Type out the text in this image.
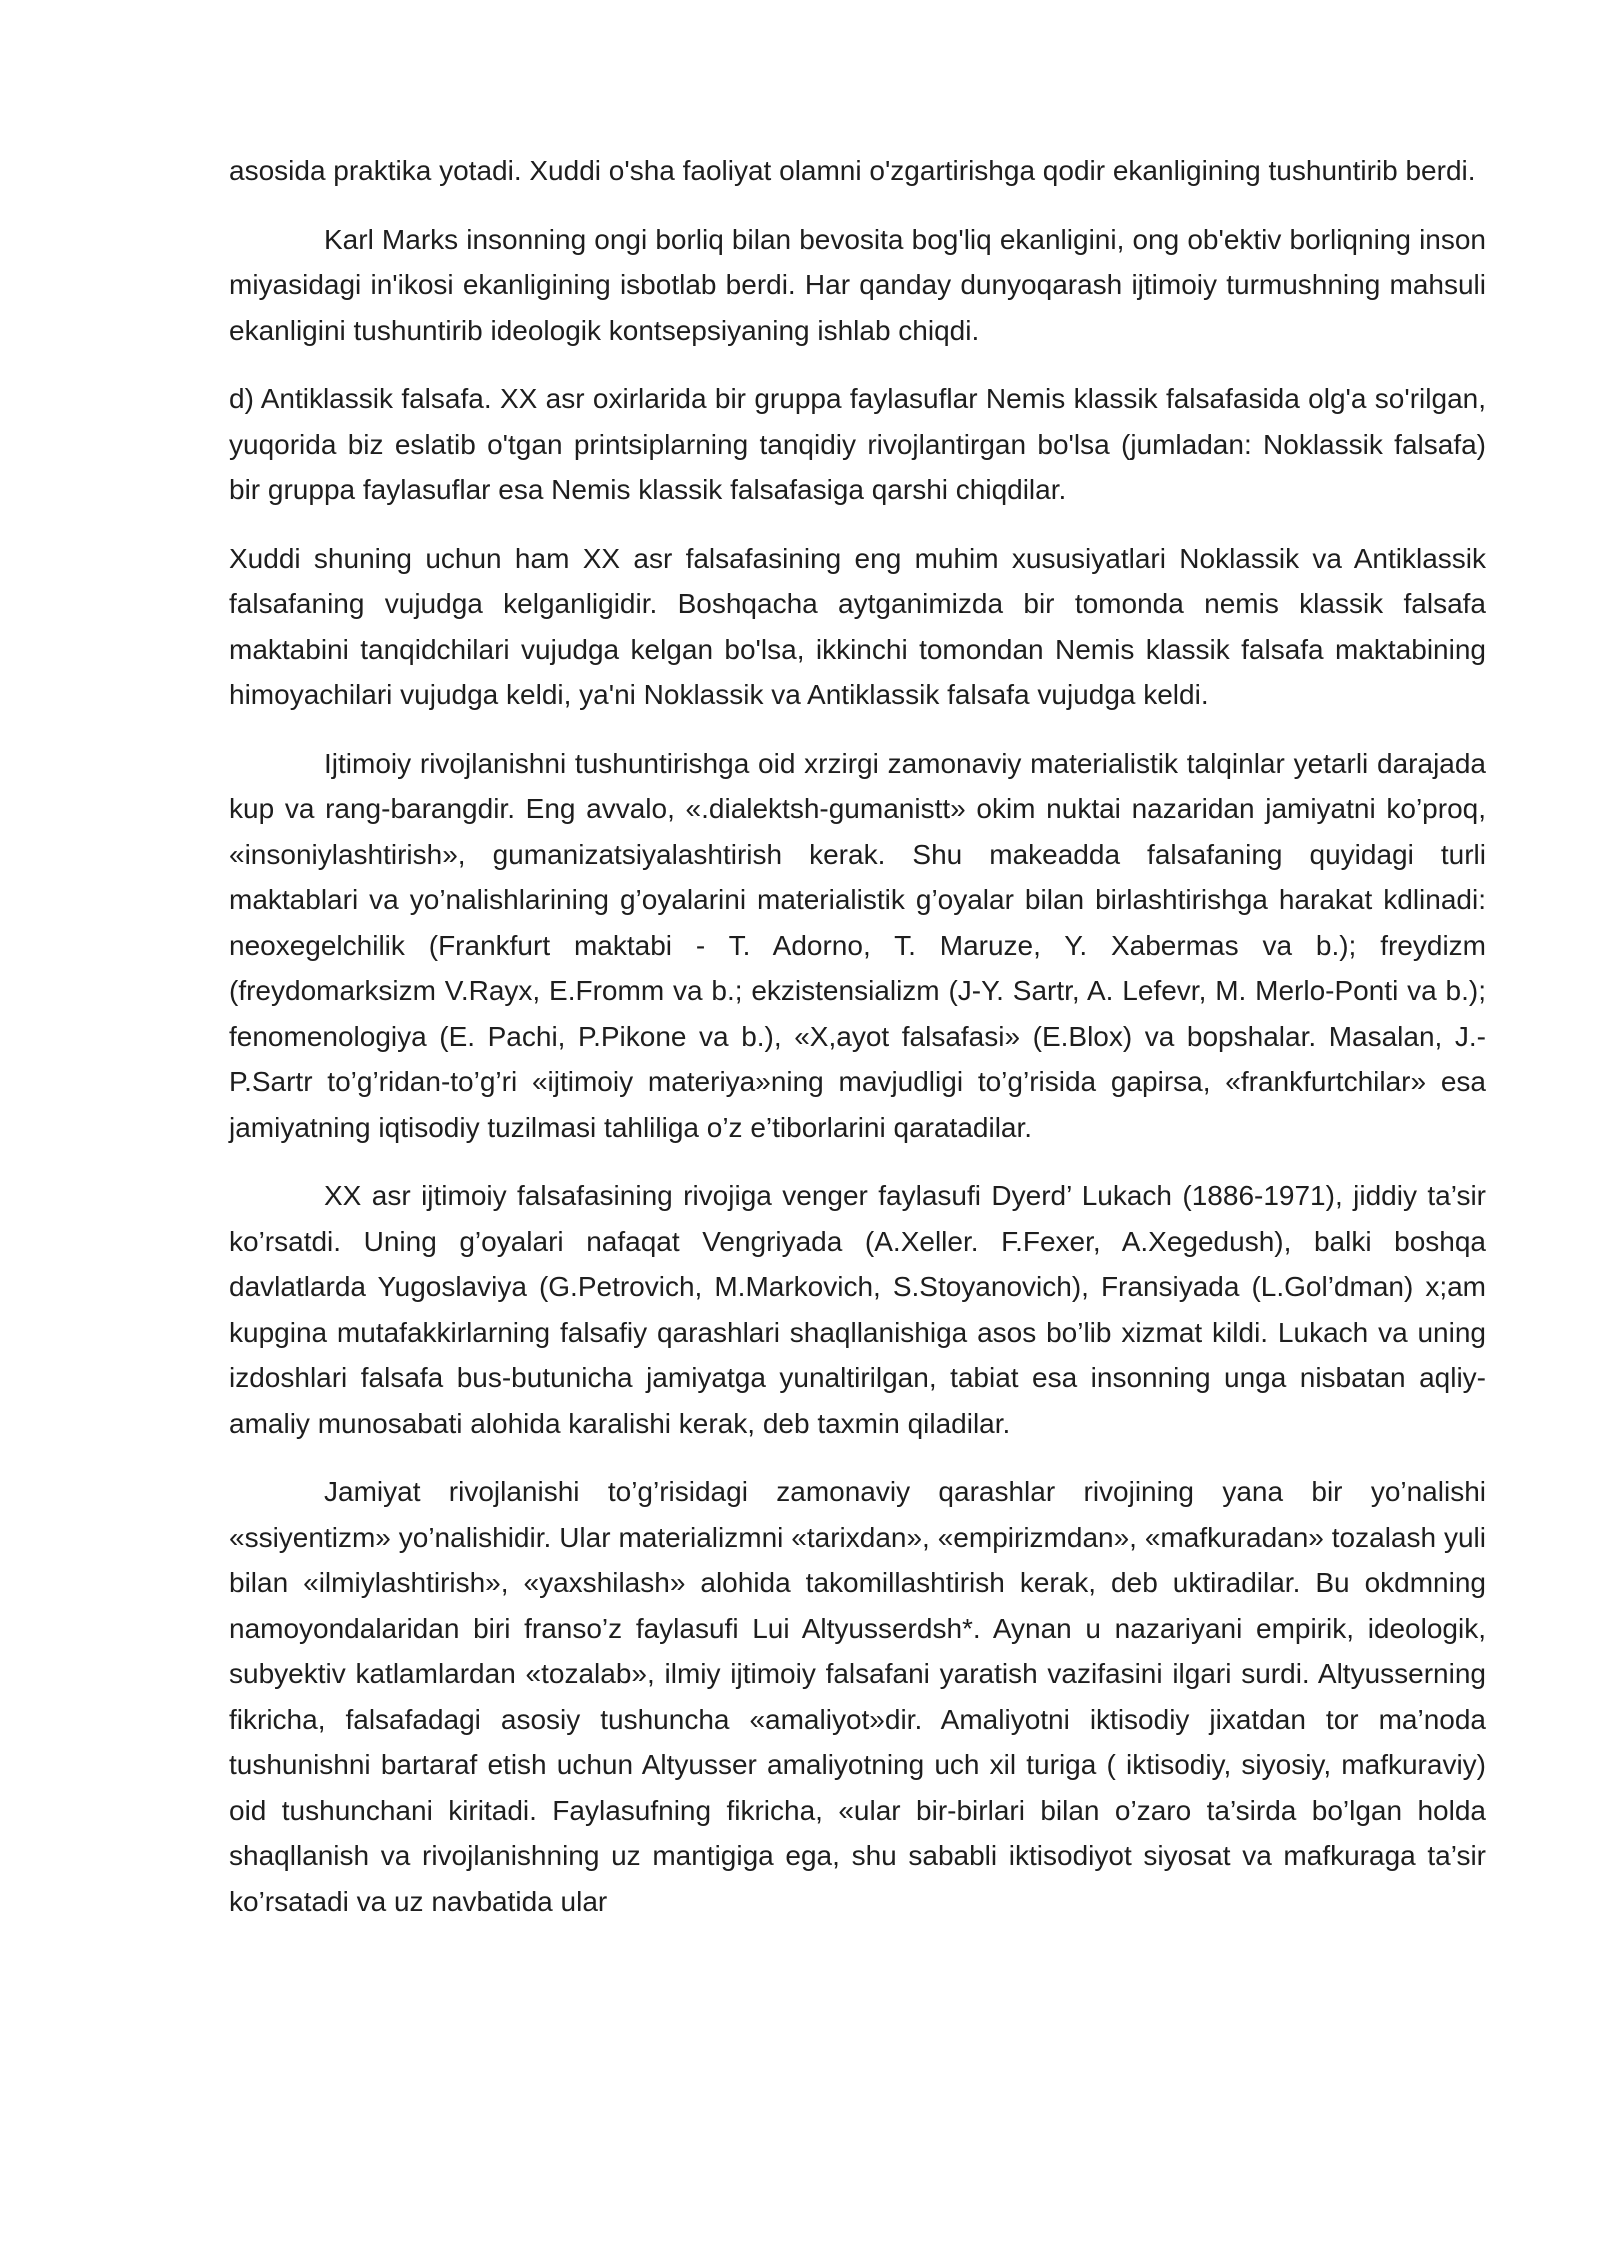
asosida praktika yotadi. Xuddi o'sha faoliyat olamni o'zgartirishga qodir ekanligining tushuntirib berdi.

Karl Marks insonning ongi borliq bilan bevosita bog'liq ekanligini, ong ob'ektiv borliqning inson miyasidagi in'ikosi ekanligining isbotlab berdi. Har qanday dunyoqarash ijtimoiy turmushning mahsuli ekanligini tushuntirib ideologik kontsepsiyaning ishlab chiqdi.

d) Antiklassik falsafa. XX asr oxirlarida bir gruppa faylasuflar Nemis klassik falsafasida olg'a so'rilgan, yuqorida biz eslatib o'tgan printsiplarning tanqidiy rivojlantirgan bo'lsa (jumladan: Noklassik falsafa) bir gruppa faylasuflar esa Nemis klassik falsafasiga qarshi chiqdilar.

Xuddi shuning uchun ham XX asr falsafasining eng muhim xususiyatlari Noklassik va Antiklassik falsafaning vujudga kelganligidir. Boshqacha aytganimizda bir tomonda nemis klassik falsafa maktabini tanqidchilari vujudga kelgan bo'lsa, ikkinchi tomondan Nemis klassik falsafa maktabining himoyachilari vujudga keldi, ya'ni Noklassik va Antiklassik falsafa vujudga keldi.

Ijtimoiy rivojlanishni tushuntirishga oid xrzirgi zamonaviy materialistik talqinlar yetarli darajada kup va rang-barangdir. Eng avvalo, «.dialektsh-gumanistt» okim nuktai nazaridan jamiyatni ko’proq, «insoniylashtirish», gumanizatsiyalashtirish kerak. Shu makeadda falsafaning quyidagi turli maktablari va yo’nalishlarining g’oyalarini materialistik g’oyalar bilan birlashtirishga harakat kdlinadi: neoxegelchilik (Frankfurt maktabi - T. Adorno, T. Maruze, Y. Xabermas va b.); freydizm (freydomarksizm V.Rayx, E.Fromm va b.; ekzistensializm (J-Y. Sartr, A. Lefevr, M. Merlo-Ponti va b.); fenomenologiya (E. Pachi, P.Pikone va b.), «X,ayot falsafasi» (E.Blox) va bopshalar. Masalan, J.-P.Sartr to’g’ridan-to’g’ri «ijtimoiy materiya»ning mavjudligi to’g’risida gapirsa, «frankfurtchilar» esa jamiyatning iqtisodiy tuzilmasi tahliliga o’z e’tiborlarini qaratadilar.

XX asr ijtimoiy falsafasining rivojiga venger faylasufi Dyerd’ Lukach (1886-1971), jiddiy ta’sir ko’rsatdi. Uning g’oyalari nafaqat Vengriyada (A.Xeller. F.Fexer, A.Xegedush), balki boshqa davlatlarda Yugoslaviya (G.Petrovich, M.Markovich, S.Stoyanovich), Fransiyada (L.Gol’dman) x;am kupgina mutafakkirlarning falsafiy qarashlari shaqllanishiga asos bo’lib xizmat kildi. Lukach va uning izdoshlari falsafa bus-butunicha jamiyatga yunaltirilgan, tabiat esa insonning unga nisbatan aqliy-amaliy munosabati alohida karalishi kerak, deb taxmin qiladilar.

Jamiyat rivojlanishi to’g’risidagi zamonaviy qarashlar rivojining yana bir yo’nalishi «ssiyentizm» yo’nalishidir. Ular materializmni «tarixdan», «empirizmdan», «mafkuradan» tozalash yuli bilan «ilmiylashtirish», «yaxshilash» alohida takomillashtirish kerak, deb uktiradilar. Bu okdmning namoyondalaridan biri franso’z faylasufi Lui Altyusserdsh*. Aynan u nazariyani empirik, ideologik, subyektiv katlamlardan «tozalab», ilmiy ijtimoiy falsafani yaratish vazifasini ilgari surdi. Altyusserning fikricha, falsafadagi asosiy tushuncha «amaliyot»dir. Amaliyotni iktisodiy jixatdan tor ma’noda tushunishni bartaraf etish uchun Altyusser amaliyotning uch xil turiga ( iktisodiy, siyosiy, mafkuraviy) oid tushunchani kiritadi. Faylasufning fikricha, «ular bir-birlari bilan o’zaro ta’sirda bo’lgan holda shaqllanish va rivojlanishning uz mantigiga ega, shu sababli iktisodiyot siyosat va mafkuraga ta’sir ko’rsatadi va uz navbatida ular
